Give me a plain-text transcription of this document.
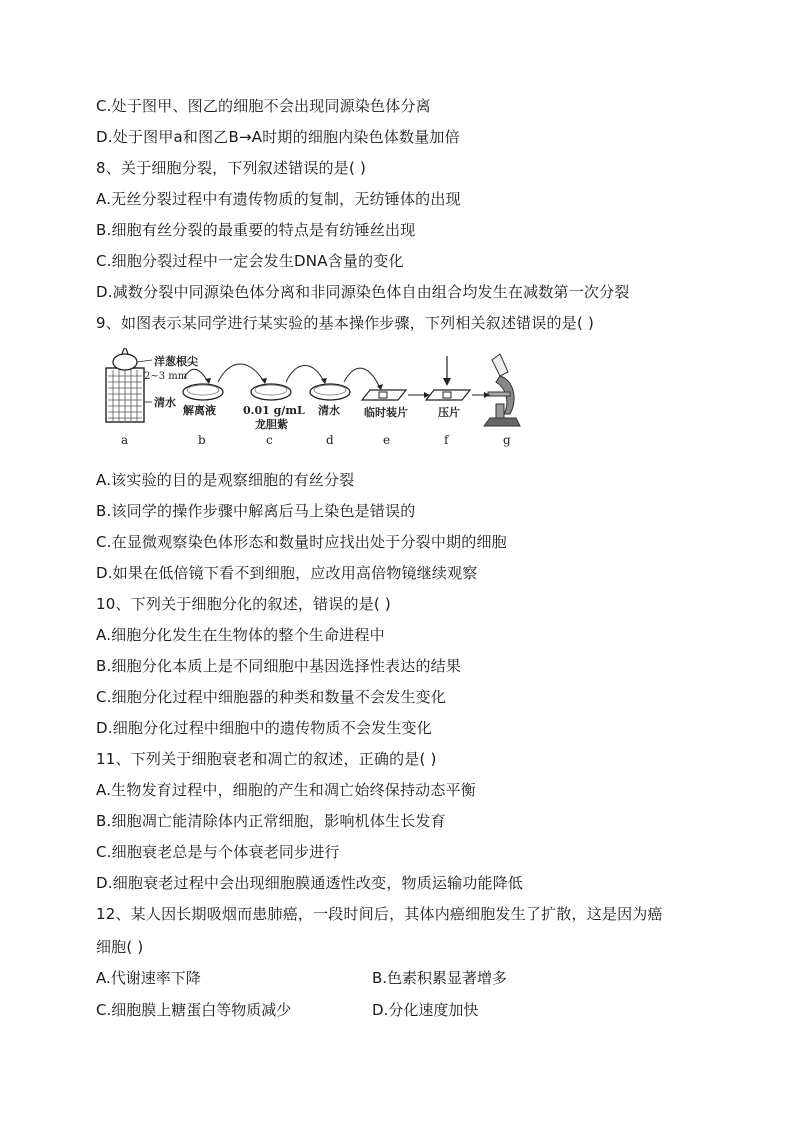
C.处于图甲、图乙的细胞不会出现同源染色体分离
D.处于图甲a和图乙B→A时期的细胞内染色体数量加倍
8、关于细胞分裂，下列叙述错误的是( )
A.无丝分裂过程中有遗传物质的复制，无纺锤体的出现
B.细胞有丝分裂的最重要的特点是有纺锤丝出现
C.细胞分裂过程中一定会发生DNA含量的变化
D.减数分裂中同源染色体分离和非同源染色体自由组合均发生在减数第一次分裂
9、如图表示某同学进行某实验的基本操作步骤，下列相关叙述错误的是( )
洋葱根尖
2~3 mm
清水
解离液 0.01 g/mL
龙胆紫
清水 临时装片	压片
a	b	c	d	e	f	g
A.该实验的目的是观察细胞的有丝分裂
B.该同学的操作步骤中解离后马上染色是错误的
C.在显微观察染色体形态和数量时应找出处于分裂中期的细胞
D.如果在低倍镜下看不到细胞，应改用高倍物镜继续观察
10、下列关于细胞分化的叙述，错误的是( )
A.细胞分化发生在生物体的整个生命进程中
B.细胞分化本质上是不同细胞中基因选择性表达的结果
C.细胞分化过程中细胞器的种类和数量不会发生变化
D.细胞分化过程中细胞中的遗传物质不会发生变化
11、下列关于细胞衰老和凋亡的叙述，正确的是( )
A.生物发育过程中，细胞的产生和凋亡始终保持动态平衡
B.细胞凋亡能清除体内正常细胞，影响机体生长发育
C.细胞衰老总是与个体衰老同步进行
D.细胞衰老过程中会出现细胞膜通透性改变，物质运输功能降低
12、某人因长期吸烟而患肺癌，一段时间后，其体内癌细胞发生了扩散，这是因为癌
细胞( )
A.代谢速率下降	B.色素积累显著增多
C.细胞膜上糖蛋白等物质减少	D.分化速度加快
